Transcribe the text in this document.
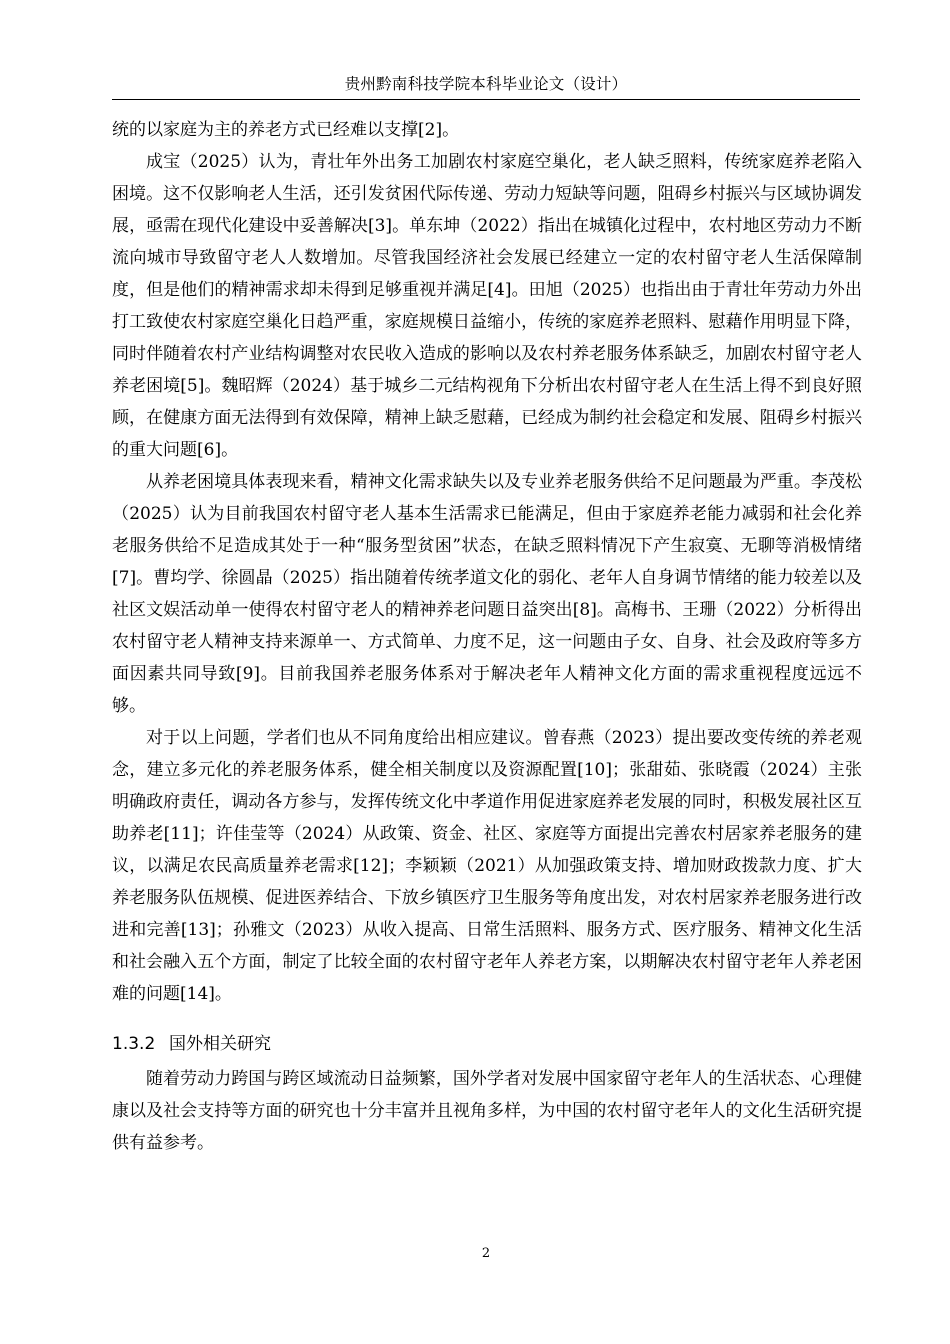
贵州黔南科技学院本科毕业论文（设计）

统的以家庭为主的养老方式已经难以支撑[2]。

成宝（2025）认为，青壮年外出务工加剧农村家庭空巢化，老人缺乏照料，传统家庭养老陷入困境。这不仅影响老人生活，还引发贫困代际传递、劳动力短缺等问题，阻碍乡村振兴与区域协调发展，亟需在现代化建设中妥善解决[3]。单东坤（2022）指出在城镇化过程中，农村地区劳动力不断流向城市导致留守老人人数增加。尽管我国经济社会发展已经建立一定的农村留守老人生活保障制度，但是他们的精神需求却未得到足够重视并满足[4]。田旭（2025）也指出由于青壮年劳动力外出打工致使农村家庭空巢化日趋严重，家庭规模日益缩小，传统的家庭养老照料、慰藉作用明显下降，同时伴随着农村产业结构调整对农民收入造成的影响以及农村养老服务体系缺乏，加剧农村留守老人养老困境[5]。魏昭辉（2024）基于城乡二元结构视角下分析出农村留守老人在生活上得不到良好照顾，在健康方面无法得到有效保障，精神上缺乏慰藉，已经成为制约社会稳定和发展、阻碍乡村振兴的重大问题[6]。

从养老困境具体表现来看，精神文化需求缺失以及专业养老服务供给不足问题最为严重。李茂松（2025）认为目前我国农村留守老人基本生活需求已能满足，但由于家庭养老能力减弱和社会化养老服务供给不足造成其处于一种“服务型贫困”状态，在缺乏照料情况下产生寂寞、无聊等消极情绪[7]。曹均学、徐圆晶（2025）指出随着传统孝道文化的弱化、老年人自身调节情绪的能力较差以及社区文娱活动单一使得农村留守老人的精神养老问题日益突出[8]。高梅书、王珊（2022）分析得出农村留守老人精神支持来源单一、方式简单、力度不足，这一问题由子女、自身、社会及政府等多方面因素共同导致[9]。目前我国养老服务体系对于解决老年人精神文化方面的需求重视程度远远不够。

对于以上问题，学者们也从不同角度给出相应建议。曾春燕（2023）提出要改变传统的养老观念，建立多元化的养老服务体系，健全相关制度以及资源配置[10]；张甜茹、张晓霞（2024）主张明确政府责任，调动各方参与，发挥传统文化中孝道作用促进家庭养老发展的同时，积极发展社区互助养老[11]；许佳莹等（2024）从政策、资金、社区、家庭等方面提出完善农村居家养老服务的建议，以满足农民高质量养老需求[12]；李颖颖（2021）从加强政策支持、增加财政拨款力度、扩大养老服务队伍规模、促进医养结合、下放乡镇医疗卫生服务等角度出发，对农村居家养老服务进行改进和完善[13]；孙雅文（2023）从收入提高、日常生活照料、服务方式、医疗服务、精神文化生活和社会融入五个方面，制定了比较全面的农村留守老年人养老方案，以期解决农村留守老年人养老困难的问题[14]。

1.3.2 国外相关研究

随着劳动力跨国与跨区域流动日益频繁，国外学者对发展中国家留守老年人的生活状态、心理健康以及社会支持等方面的研究也十分丰富并且视角多样，为中国的农村留守老年人的文化生活研究提供有益参考。

2
